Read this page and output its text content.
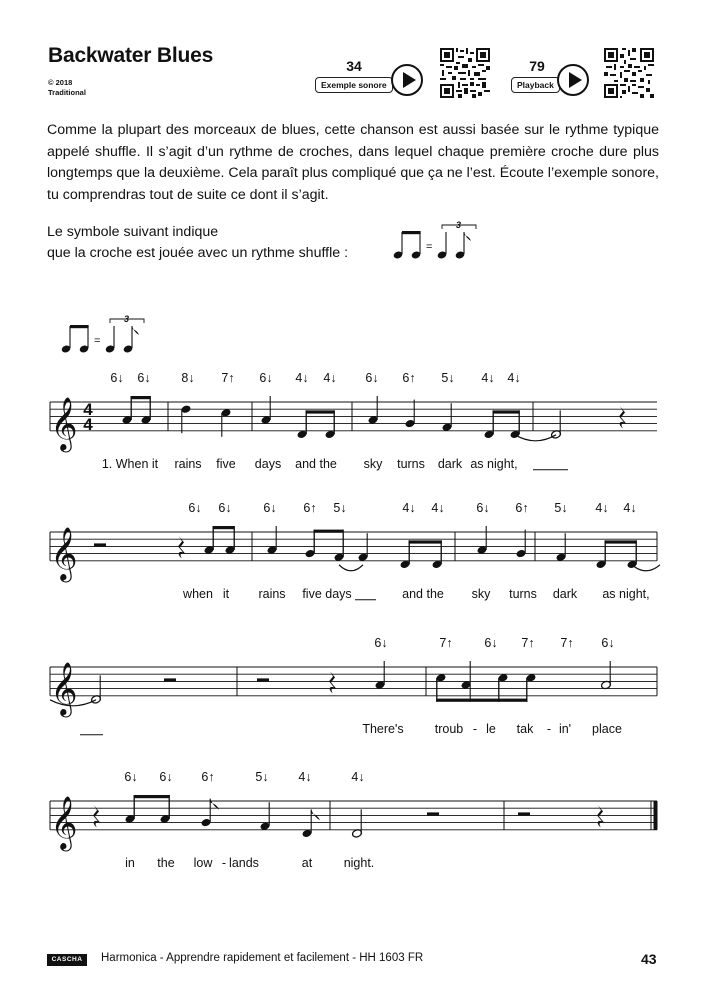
Backwater Blues
© 2018
Traditional
34
Exemple sonore
79
Playback
Comme la plupart des morceaux de blues, cette chanson est aussi basée sur le rythme typique appelé shuffle. Il s’agit d’un rythme de croches, dans lequel chaque première croche dure plus longtemps que la deuxième. Cela paraît plus compliqué que ça ne l’est. Écoute l’exemple sonore, tu comprendras tout de suite ce dont il s’agit.
Le symbole suivant indique
que la croche est jouée avec un rythme shuffle :	=
3
=
3
𝄞 4
4
6↓ 6↓ 8↓ 7↑ 6↓ 4↓ 4↓ 6↓ 6↑ 5↓ 4↓ 4↓
1. When it rains five days and the sky turns dark as night,
𝄞
6↓ 6↓	6↓ 6↑ 5↓	4↓ 4↓	6↓ 6↑ 5↓ 4↓ 4↓
when it rains five days	and the sky turns dark as night,
𝄞
6↓	7↑	6↓ 7↑ 7↑ 6↓
There's troub - le tak - in' place
𝄞
6↓ 6↓ 6↑	5↓ 4↓	4↓
in the low - lands	at	night.
CASCHA	Harmonica - Apprendre rapidement et facilement - HH 1603 FR	43
